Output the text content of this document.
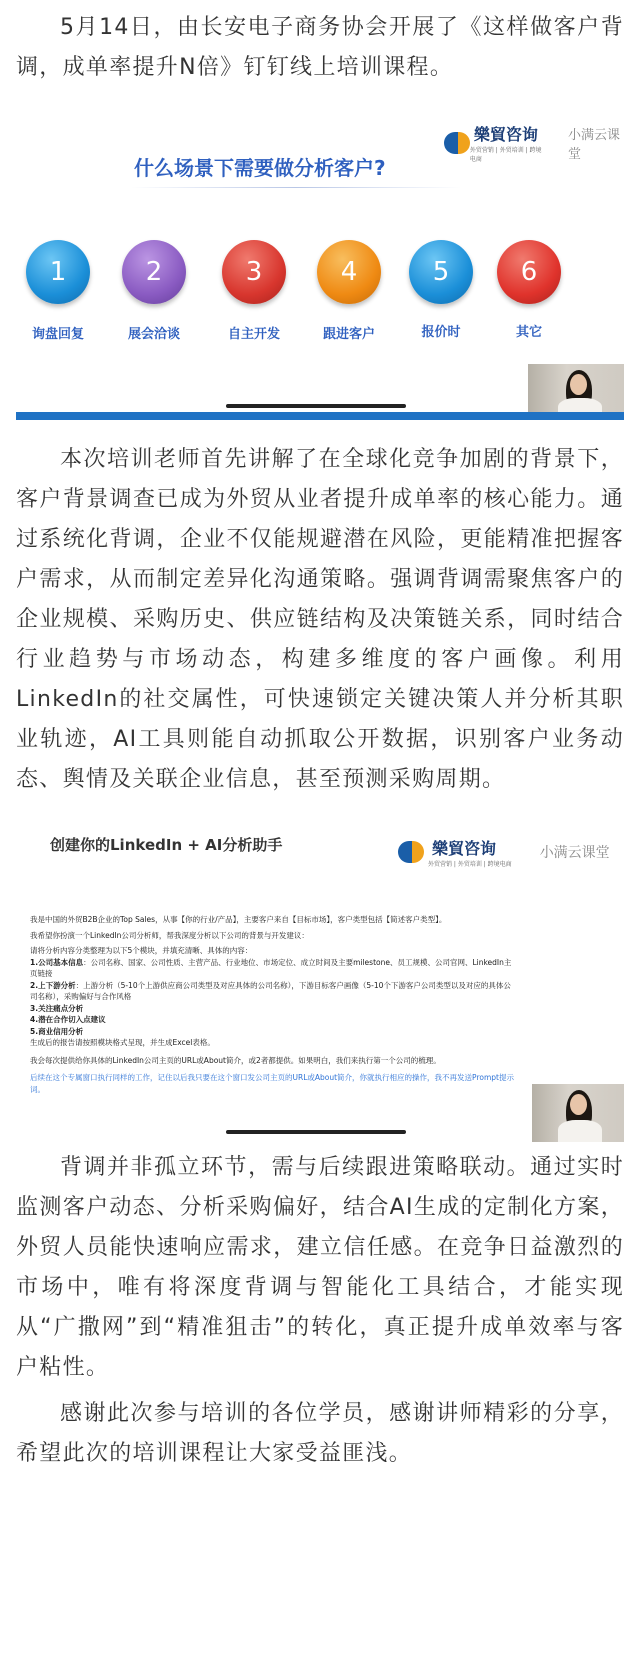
5月14日，由长安电子商务协会开展了《这样做客户背调，成单率提升N倍》钉钉线上培训课程。

樂貿咨询
外贸营销 | 外贸培训 | 跨境电商
小满云课堂
什么场景下需要做分析客户?
1	2	3	4	5	6
询盘回复	展会洽谈	自主开发	跟进客户	报价时	其它

本次培训老师首先讲解了在全球化竞争加剧的背景下，客户背景调查已成为外贸从业者提升成单率的核心能力。通过系统化背调，企业不仅能规避潜在风险，更能精准把握客户需求，从而制定差异化沟通策略。强调背调需聚焦客户的企业规模、采购历史、供应链结构及决策链关系，同时结合行业趋势与市场动态，构建多维度的客户画像。利用LinkedIn的社交属性，可快速锁定关键决策人并分析其职业轨迹，AI工具则能自动抓取公开数据，识别客户业务动态、舆情及关联企业信息，甚至预测采购周期。

创建你的LinkedIn + AI分析助手	樂貿咨询
外贸营销 | 外贸培训 | 跨境电商
小满云课堂
我是中国的外贸B2B企业的Top Sales，从事【你的行业/产品】，主要客户来自【目标市场】，客户类型包括【简述客户类型】。
我希望你扮演一个LinkedIn公司分析师，帮我深度分析以下公司的背景与开发建议：
请将分析内容分类整理为以下5个模块，并填充清晰、具体的内容：
1.公司基本信息：公司名称、国家、公司性质、主营产品、行业地位、市场定位、成立时间及主要milestone、员工规模、公司官网、LinkedIn主
页链接
2.上下游分析：上游分析（5-10个上游供应商公司类型及对应具体的公司名称），下游目标客户画像（5-10个下游客户公司类型以及对应的具体公
司名称），采购偏好与合作风格
3.关注痛点分析
4.潜在合作切入点建议
5.商业信用分析
生成后的报告请按照模块格式呈现，并生成Excel表格。
我会每次提供给你具体的LinkedIn公司主页的URL或About简介，或2者都提供。如果明白，我们来执行第一个公司的梳理。
后续在这个专属窗口执行同样的工作，记住以后我只要在这个窗口发公司主页的URL或About简介，你就执行相应的操作，我不再发送Prompt提示
词。

背调并非孤立环节，需与后续跟进策略联动。通过实时监测客户动态、分析采购偏好，结合AI生成的定制化方案，外贸人员能快速响应需求，建立信任感。在竞争日益激烈的市场中，唯有将深度背调与智能化工具结合，才能实现从“广撒网”到“精准狙击”的转化，真正提升成单效率与客户粘性。

感谢此次参与培训的各位学员，感谢讲师精彩的分享，希望此次的培训课程让大家受益匪浅。
